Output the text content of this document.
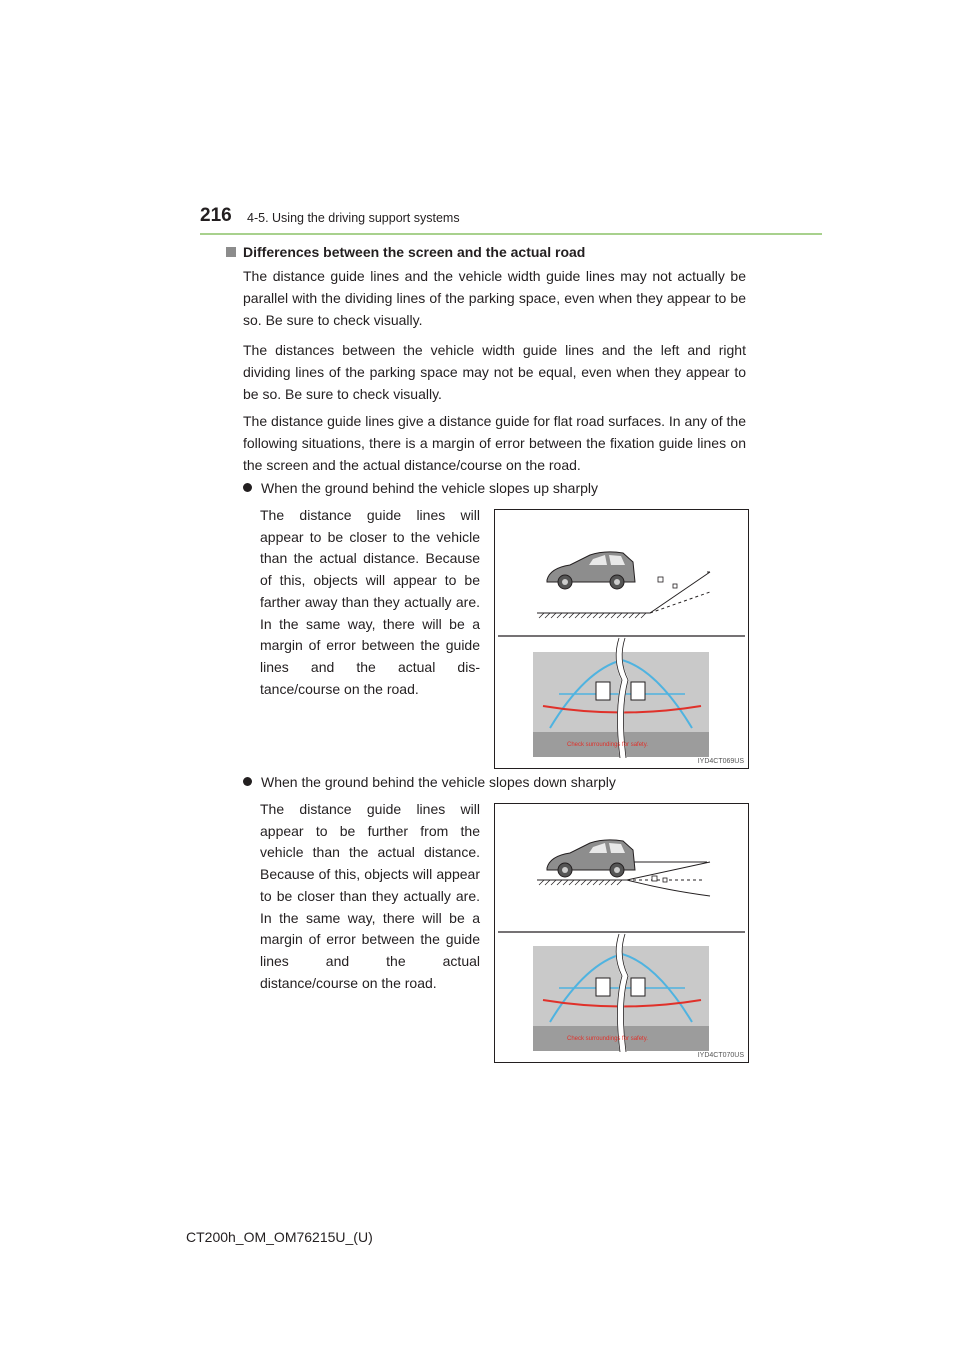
216 4-5. Using the driving support systems
Differences between the screen and the actual road
The distance guide lines and the vehicle width guide lines may not actually be parallel with the dividing lines of the parking space, even when they appear to be so. Be sure to check visually.
The distances between the vehicle width guide lines and the left and right dividing lines of the parking space may not be equal, even when they appear to be so. Be sure to check visually.
The distance guide lines give a distance guide for flat road surfaces. In any of the following situations, there is a margin of error between the fixation guide lines on the screen and the actual distance/course on the road.
When the ground behind the vehicle slopes up sharply
The distance guide lines will appear to be closer to the vehicle than the actual distance. Because of this, objects will appear to be farther away than they actually are. In the same way, there will be a margin of error between the guide lines and the actual dis-tance/course on the road.
Check surroundings for safety.
IYD4CT069US
When the ground behind the vehicle slopes down sharply
The distance guide lines will appear to be further from the vehicle than the actual distance. Because of this, objects will appear to be closer than they actually are. In the same way, there will be a margin of error between the guide lines and the actual distance/course on the road.
Check surroundings for safety.
IYD4CT070US
CT200h_OM_OM76215U_(U)
